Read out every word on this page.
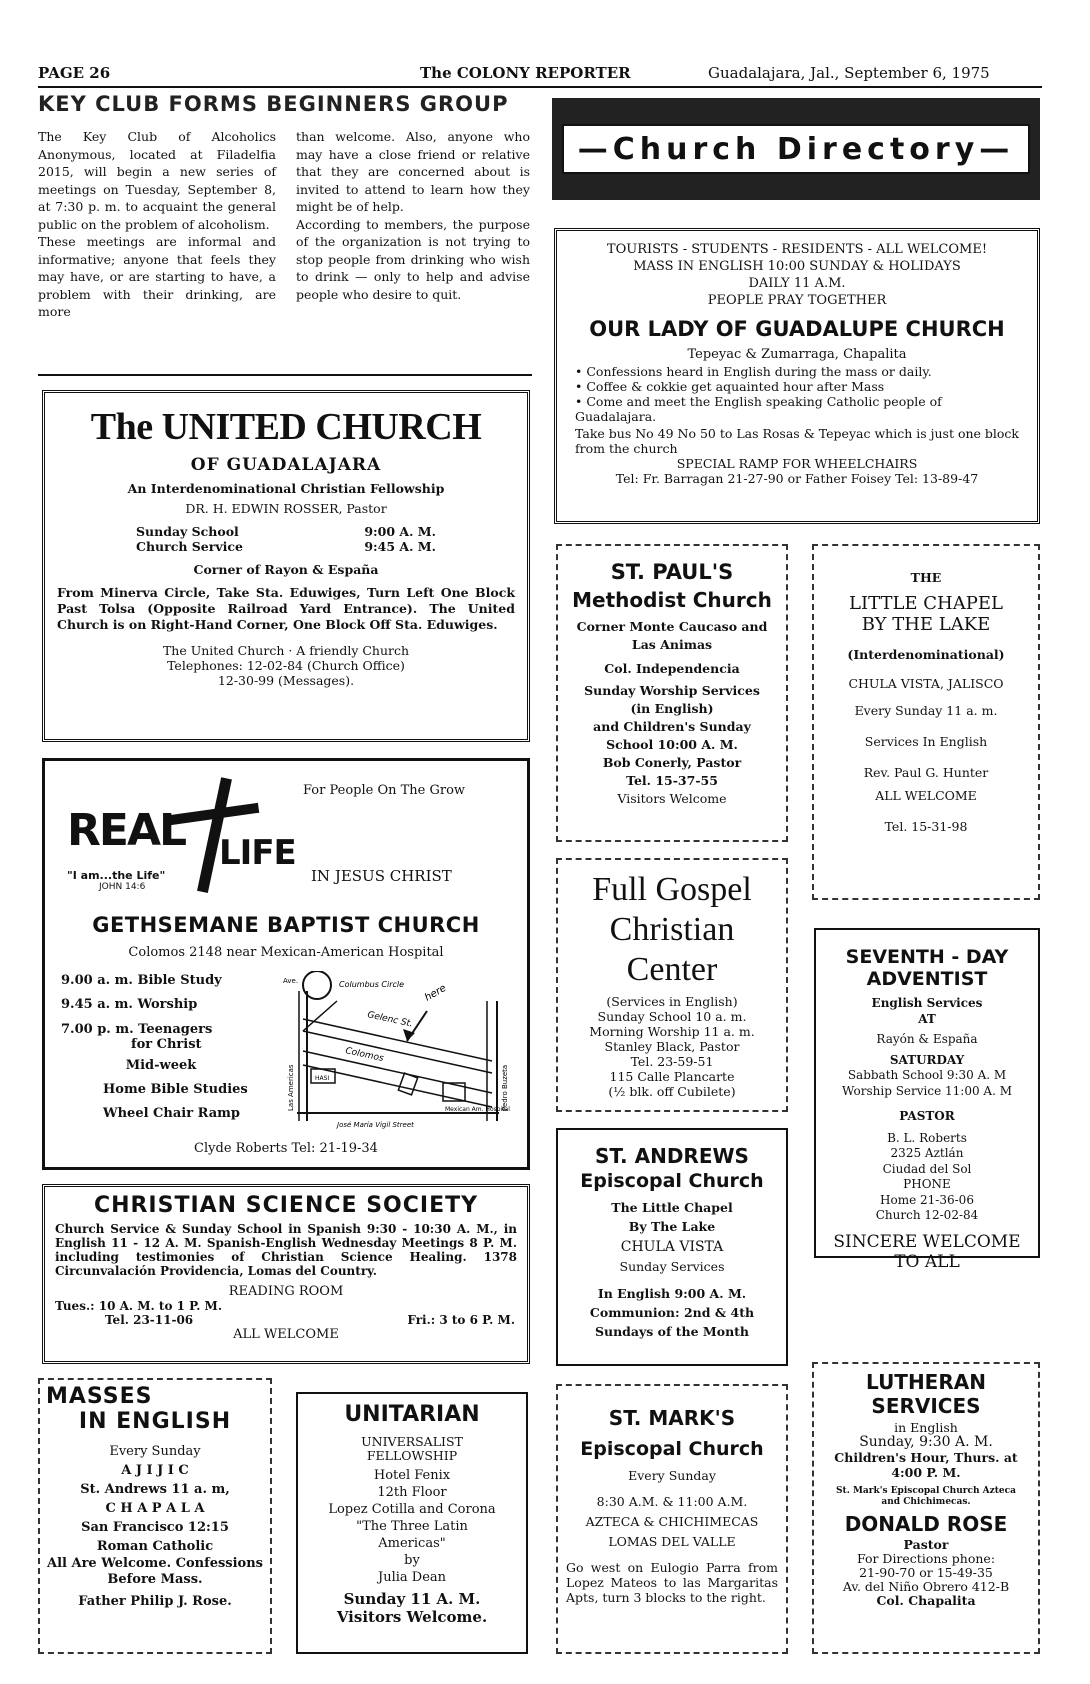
PAGE 26	The COLONY REPORTER	Guadalajara, Jal., September 6, 1975
KEY CLUB FORMS BEGINNERS GROUP

The Key Club of Alcoholics Anonymous, located at Filadelfia 2015, will begin a new series of meetings on Tuesday, September 8, at 7:30 p. m. to acquaint the general public on the problem of alcoholism.

These meetings are informal and informative; anyone that feels they may have, or are starting to have, a problem with their drinking, are more

than welcome. Also, anyone who may have a close friend or relative that they are concerned about is invited to attend to learn how they might be of help.

According to members, the purpose of the organization is not trying to stop people from drinking who wish to drink — only to help and advise people who desire to quit.

—Church Directory—
The UNITED CHURCH
OF GUADALAJARA
An Interdenominational Christian Fellowship
DR. H. EDWIN ROSSER, Pastor
Sunday School	9:00 A. M.
Church Service	9:45 A. M.
Corner of Rayon & España
From Minerva Circle, Take Sta. Eduwiges, Turn Left One Block Past Tolsa (Opposite Railroad Yard Entrance). The United Church is on Right-Hand Corner, One Block Off Sta. Eduwiges.
The United Church · A friendly Church
Telephones: 12-02-84 (Church Office)
12-30-99 (Messages).
REAL LIFE
"I am...the Life"
JOHN 14:6
For People On The Grow
IN JESUS CHRIST
GETHSEMANE BAPTIST CHURCH
Colomos 2148 near Mexican-American Hospital
9.00 a. m. Bible Study
9.45 a. m. Worship
7.00 p. m. Teenagers
for Christ
Mid-week
Home Bible Studies
Wheel Chair Ramp
Columbus Circle
Gelenc St.
here
Colomos
Mexican Am. Hospital
Las Americas	Pedro Buzeta
José María Vigil Street
HASI
Ave.
Clyde Roberts Tel: 21-19-34
CHRISTIAN SCIENCE SOCIETY
Church Service & Sunday School in Spanish 9:30 - 10:30 A. M., in English 11 - 12 A. M. Spanish-English Wednesday Meetings 8 P. M. including testimonies of Christian Science Healing. 1378 Circunvalación Providencia, Lomas del Country.
READING ROOM
Tues.: 10 A. M. to 1 P. M.
Tel. 23-11-06	Fri.: 3 to 6 P. M.
ALL WELCOME
MASSES
IN ENGLISH
Every Sunday
A J I J I C
St. Andrews 11 a. m,
C H A P A L A
San Francisco 12:15
Roman Catholic
All Are Welcome. Confessions Before Mass.
Father Philip J. Rose.
UNITARIAN
UNIVERSALIST FELLOWSHIP
Hotel Fenix
12th Floor
Lopez Cotilla and Corona
"The Three Latin Americas"
by
Julia Dean
Sunday 11 A. M.
Visitors Welcome.
TOURISTS - STUDENTS - RESIDENTS - ALL WELCOME!
MASS IN ENGLISH 10:00 SUNDAY & HOLIDAYS
DAILY 11 A.M.
PEOPLE PRAY TOGETHER
OUR LADY OF GUADALUPE CHURCH
Tepeyac & Zumarraga, Chapalita
• Confessions heard in English during the mass or daily.
• Coffee & cokkie get aquainted hour after Mass
• Come and meet the English speaking Catholic people of Guadalajara.
Take bus No 49 No 50 to Las Rosas & Tepeyac which is just one block from the church
SPECIAL RAMP FOR WHEELCHAIRS
Tel: Fr. Barragan 21-27-90 or Father Foisey Tel: 13-89-47
ST. PAUL'S
Methodist Church
Corner Monte Caucaso and
Las Animas
Col. Independencia
Sunday Worship Services
(in English)
and Children's Sunday
School 10:00 A. M.
Bob Conerly, Pastor
Tel. 15-37-55
Visitors Welcome
THE
LITTLE CHAPEL
BY THE LAKE
(Interdenominational)
CHULA VISTA, JALISCO
Every Sunday 11 a. m.
Services In English
Rev. Paul G. Hunter
ALL WELCOME
Tel. 15-31-98
Full Gospel
Christian
Center
(Services in English)
Sunday School 10 a. m.
Morning Worship 11 a. m.
Stanley Black, Pastor
Tel. 23-59-51
115 Calle Plancarte
(½ blk. off Cubilete)
SEVENTH - DAY
ADVENTIST
English Services
AT
Rayón & España
SATURDAY
Sabbath School 9:30 A. M
Worship Service 11:00 A. M
PASTOR
B. L. Roberts
2325 Aztlán
Ciudad del Sol
PHONE
Home 21-36-06
Church 12-02-84
SINCERE WELCOME
TO ALL
ST. ANDREWS
Episcopal Church
The Little Chapel
By The Lake
CHULA VISTA
Sunday Services
In English 9:00 A. M.
Communion: 2nd & 4th
Sundays of the Month
ST. MARK'S
Episcopal Church
Every Sunday
8:30 A.M. & 11:00 A.M.
AZTECA & CHICHIMECAS
LOMAS DEL VALLE
Go west on Eulogio Parra from Lopez Mateos to las Margaritas Apts, turn 3 blocks to the right.
LUTHERAN
SERVICES
in English
Sunday, 9:30 A. M.
Children's Hour, Thurs. at
4:00 P. M.
St. Mark's Episcopal Church Azteca and Chichimecas.
DONALD ROSE
Pastor
For Directions phone:
21-90-70 or 15-49-35
Av. del Niño Obrero 412-B
Col. Chapalita
